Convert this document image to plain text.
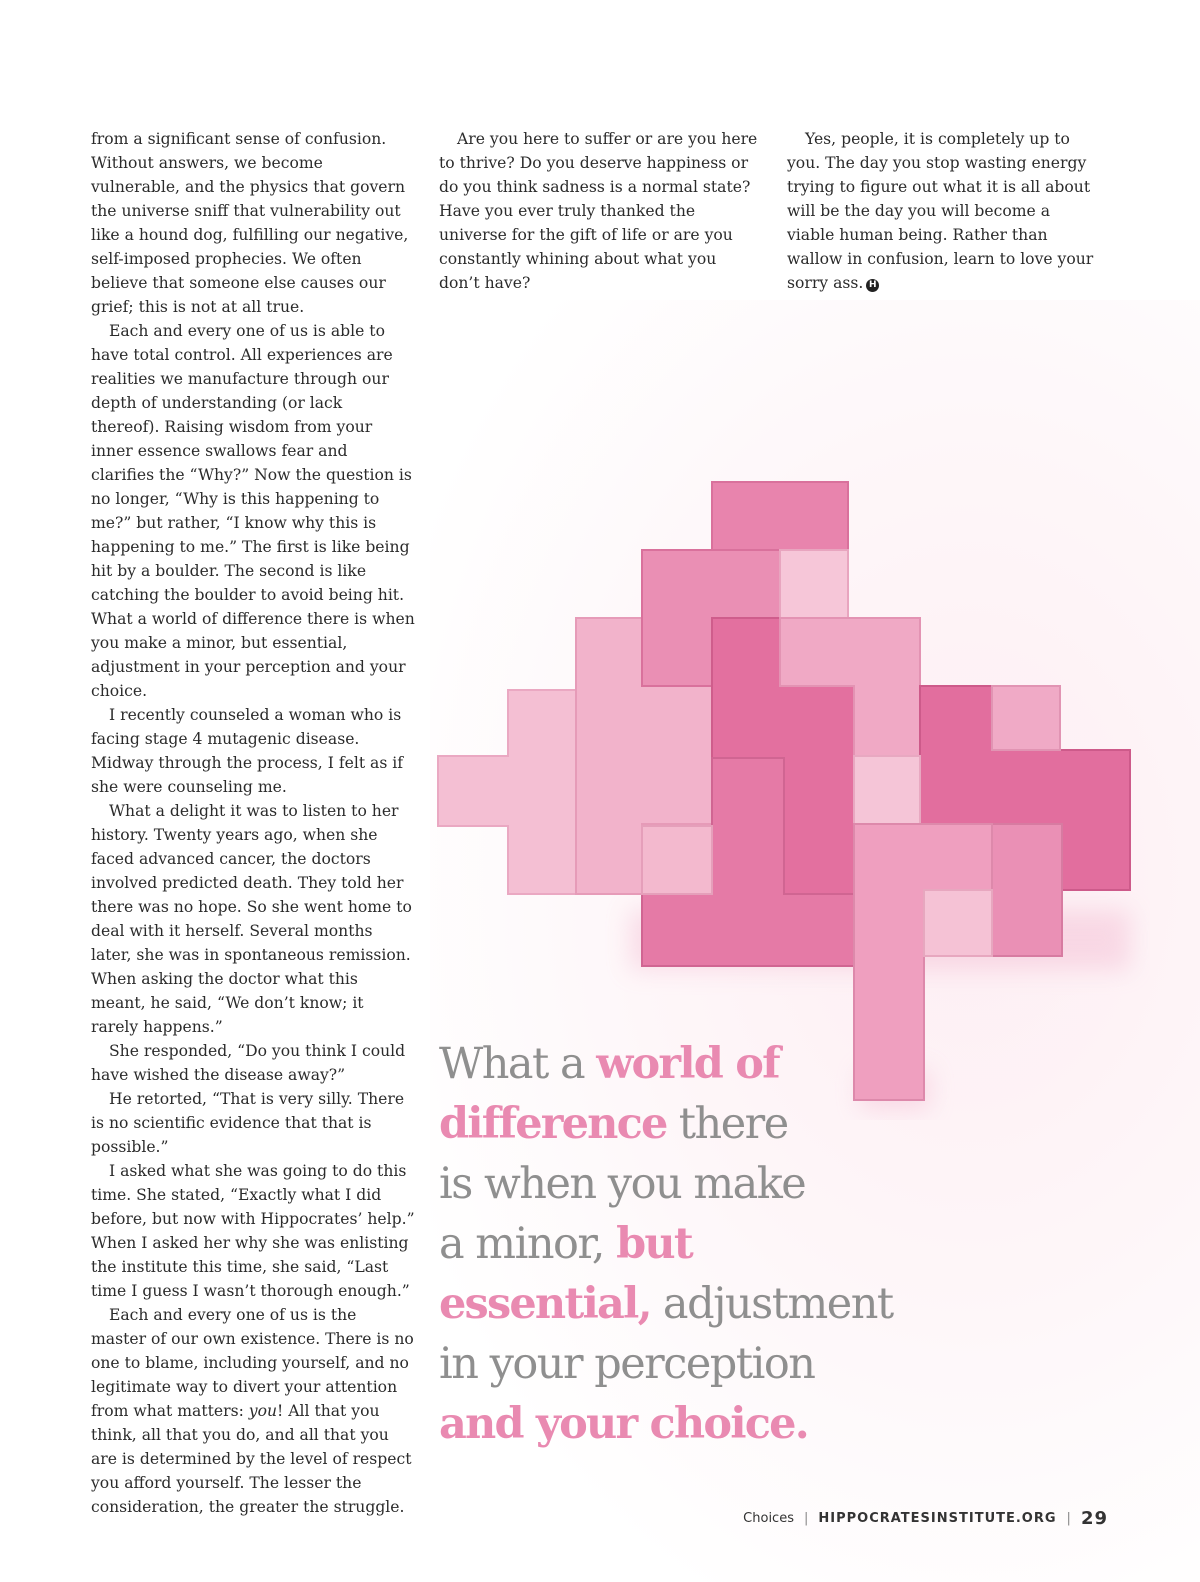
from a significant sense of confusion. Without answers, we become vulnerable, and the physics that govern the universe sniff that vulnerability out like a hound dog, fulfilling our negative, self-imposed prophecies. We often believe that someone else causes our grief; this is not at all true.

Each and every one of us is able to have total control. All experiences are realities we manufacture through our depth of understanding (or lack thereof). Raising wisdom from your inner essence swallows fear and clarifies the “Why?” Now the question is no longer, “Why is this happening to me?” but rather, “I know why this is happening to me.” The first is like being hit by a boulder. The second is like catching the boulder to avoid being hit. What a world of difference there is when you make a minor, but essential, adjustment in your perception and your choice.

I recently counseled a woman who is facing stage 4 mutagenic disease. Midway through the process, I felt as if she were counseling me.

What a delight it was to listen to her history. Twenty years ago, when she faced advanced cancer, the doctors involved predicted death. They told her there was no hope. So she went home to deal with it herself. Several months later, she was in spontaneous remission. When asking the doctor what this meant, he said, “We don’t know; it rarely happens.”

She responded, “Do you think I could have wished the disease away?”

He retorted, “That is very silly. There is no scientific evidence that that is possible.”

I asked what she was going to do this time. She stated, “Exactly what I did before, but now with Hippocrates’ help.” When I asked her why she was enlisting the institute this time, she said, “Last time I guess I wasn’t thorough enough.”

Each and every one of us is the master of our own existence. There is no one to blame, including yourself, and no legitimate way to divert your attention from what matters: you! All that you think, all that you do, and all that you are is determined by the level of respect you afford yourself. The lesser the consideration, the greater the struggle.

Are you here to suffer or are you here to thrive? Do you deserve happiness or do you think sadness is a normal state? Have you ever truly thanked the universe for the gift of life or are you constantly whining about what you don’t have?

Yes, people, it is completely up to you. The day you stop wasting energy trying to figure out what it is all about will be the day you will become a viable human being. Rather than wallow in confusion, learn to love your sorry ass. H

What a world of
difference there
is when you make
a minor, but
essential, adjustment
in your perception
and your choice.
Choices | HIPPOCRATESINSTITUTE.ORG | 29
